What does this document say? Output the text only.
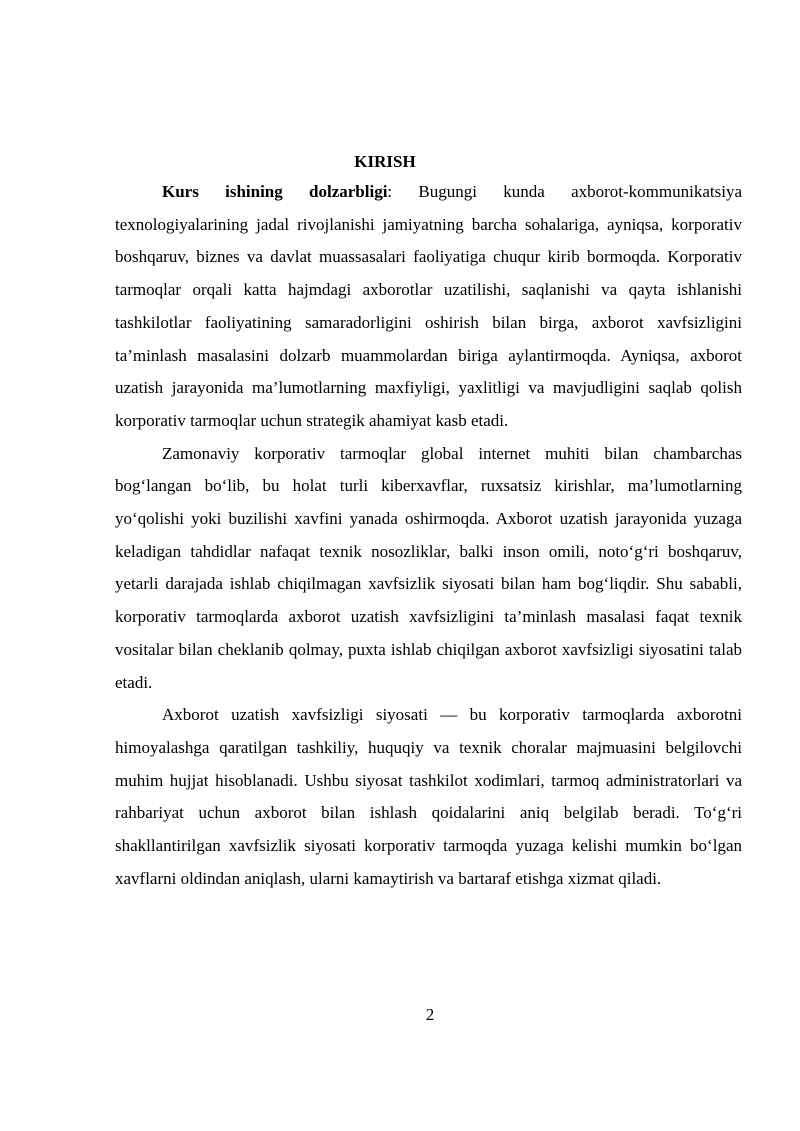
KIRISH

Kurs ishining dolzarbligi: Bugungi kunda axborot-kommunikatsiya texnologiyalarining jadal rivojlanishi jamiyatning barcha sohalariga, ayniqsa, korporativ boshqaruv, biznes va davlat muassasalari faoliyatiga chuqur kirib bormoqda. Korporativ tarmoqlar orqali katta hajmdagi axborotlar uzatilishi, saqlanishi va qayta ishlanishi tashkilotlar faoliyatining samaradorligini oshirish bilan birga, axborot xavfsizligini ta’minlash masalasini dolzarb muammolardan biriga aylantirmoqda. Ayniqsa, axborot uzatish jarayonida ma’lumotlarning maxfiyligi, yaxlitligi va mavjudligini saqlab qolish korporativ tarmoqlar uchun strategik ahamiyat kasb etadi.

Zamonaviy korporativ tarmoqlar global internet muhiti bilan chambarchas bog‘langan bo‘lib, bu holat turli kiberxavflar, ruxsatsiz kirishlar, ma’lumotlarning yo‘qolishi yoki buzilishi xavfini yanada oshirmoqda. Axborot uzatish jarayonida yuzaga keladigan tahdidlar nafaqat texnik nosozliklar, balki inson omili, noto‘g‘ri boshqaruv, yetarli darajada ishlab chiqilmagan xavfsizlik siyosati bilan ham bog‘liqdir. Shu sababli, korporativ tarmoqlarda axborot uzatish xavfsizligini ta’minlash masalasi faqat texnik vositalar bilan cheklanib qolmay, puxta ishlab chiqilgan axborot xavfsizligi siyosatini talab etadi.

Axborot uzatish xavfsizligi siyosati — bu korporativ tarmoqlarda axborotni himoyalashga qaratilgan tashkiliy, huquqiy va texnik choralar majmuasini belgilovchi muhim hujjat hisoblanadi. Ushbu siyosat tashkilot xodimlari, tarmoq administratorlari va rahbariyat uchun axborot bilan ishlash qoidalarini aniq belgilab beradi. To‘g‘ri shakllantirilgan xavfsizlik siyosati korporativ tarmoqda yuzaga kelishi mumkin bo‘lgan xavflarni oldindan aniqlash, ularni kamaytirish va bartaraf etishga xizmat qiladi.

2
